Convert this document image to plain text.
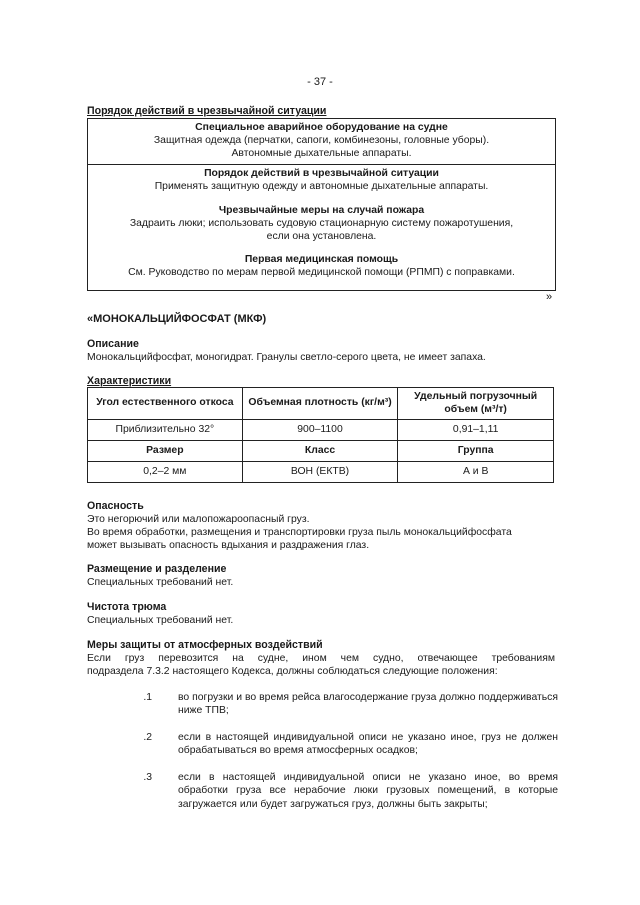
- 37 -
Порядок действий в чрезвычайной ситуации
Специальное аварийное оборудование на судне
Защитная одежда (перчатки, сапоги, комбинезоны, головные уборы).
Автономные дыхательные аппараты.
Порядок действий в чрезвычайной ситуации
Применять защитную одежду и автономные дыхательные аппараты.
Чрезвычайные меры на случай пожара
Задраить люки; использовать судовую стационарную систему пожаротушения,
если она установлена.
Первая медицинская помощь
См. Руководство по мерам первой медицинской помощи (РПМП) с поправками.
»
«МОНОКАЛЬЦИЙФОСФАТ (МКФ)
Описание
Монокальцийфосфат, моногидрат. Гранулы светло-серого цвета, не имеет запаха.
Характеристики
Угол естественного откоса	Объемная плотность (кг/м³)	Удельный погрузочный объем (м³/т)
Приблизительно 32°	900–1100	0,91–1,11
Размер	Класс	Группа
0,2–2 мм	ВОН (ЕКТВ)	А и В
Опасность
Это негорючий или малопожароопасный груз.
Во время обработки, размещения и транспортировки груза пыль монокальцийфосфата
может вызывать опасность вдыхания и раздражения глаз.
Размещение и разделение
Специальных требований нет.
Чистота трюма
Специальных требований нет.
Меры защиты от атмосферных воздействий
Если груз перевозится на судне, ином чем судно, отвечающее требованиям
подраздела 7.3.2 настоящего Кодекса, должны соблюдаться следующие положения:
.1	во погрузки и во время рейса влагосодержание груза должно поддерживаться ниже ТПВ;
.2	если в настоящей индивидуальной описи не указано иное, груз не должен обрабатываться во время атмосферных осадков;
.3	если в настоящей индивидуальной описи не указано иное, во время обработки груза все нерабочие люки грузовых помещений, в которые загружается или будет загружаться груз, должны быть закрыты;
